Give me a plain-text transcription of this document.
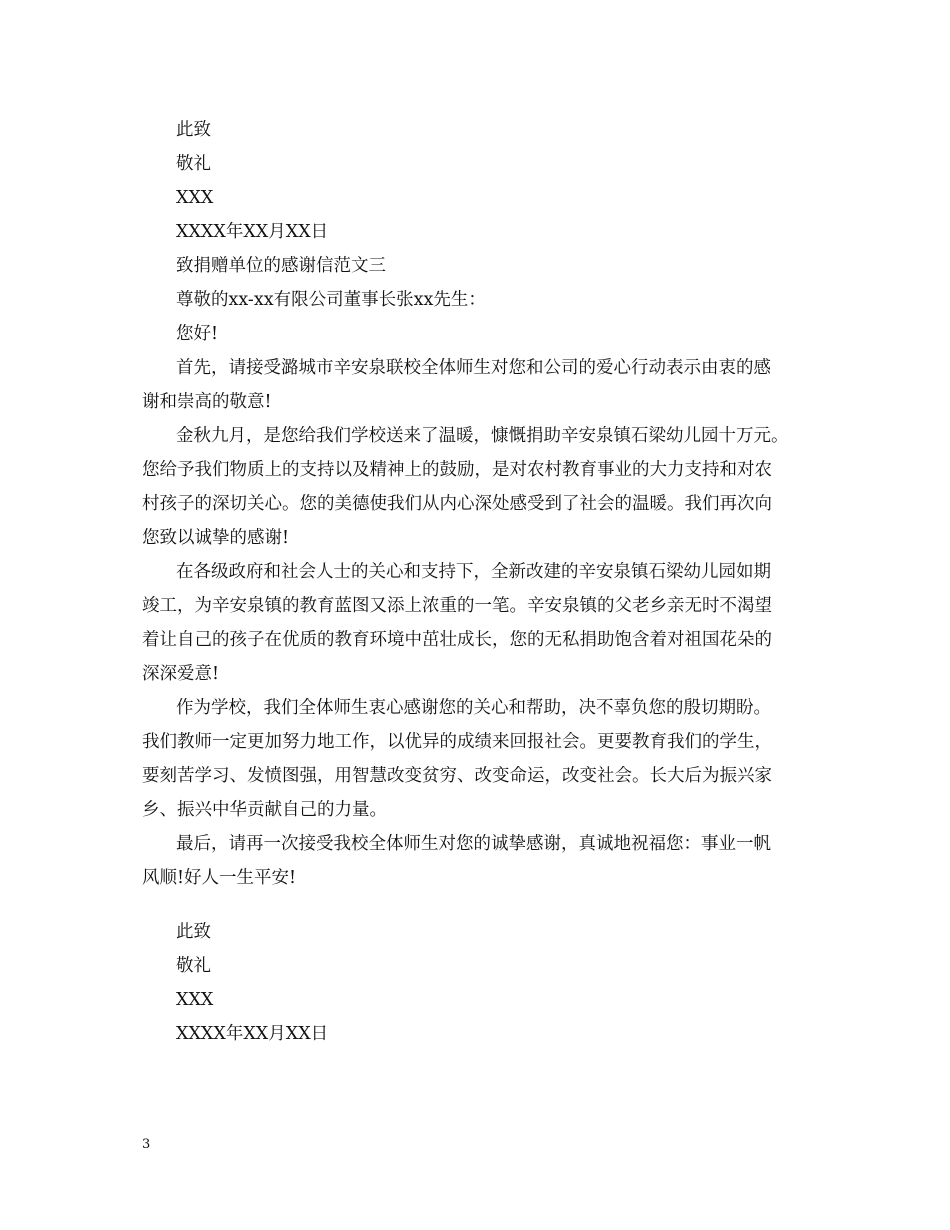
此致
敬礼
XXX
XXXX年XX月XX日
致捐赠单位的感谢信范文三
尊敬的xx-xx有限公司董事长张xx先生：
您好!
首先，请接受潞城市辛安泉联校全体师生对您和公司的爱心行动表示由衷的感
谢和崇高的敬意!
金秋九月，是您给我们学校送来了温暖，慷慨捐助辛安泉镇石梁幼儿园十万元。
您给予我们物质上的支持以及精神上的鼓励，是对农村教育事业的大力支持和对农
村孩子的深切关心。您的美德使我们从内心深处感受到了社会的温暖。我们再次向
您致以诚挚的感谢!
在各级政府和社会人士的关心和支持下，全新改建的辛安泉镇石梁幼儿园如期
竣工，为辛安泉镇的教育蓝图又添上浓重的一笔。辛安泉镇的父老乡亲无时不渴望
着让自己的孩子在优质的教育环境中茁壮成长，您的无私捐助饱含着对祖国花朵的
深深爱意!
作为学校，我们全体师生衷心感谢您的关心和帮助，决不辜负您的殷切期盼。
我们教师一定更加努力地工作，以优异的成绩来回报社会。更要教育我们的学生，
要刻苦学习、发愤图强，用智慧改变贫穷、改变命运，改变社会。长大后为振兴家
乡、振兴中华贡献自己的力量。
最后，请再一次接受我校全体师生对您的诚挚感谢，真诚地祝福您：事业一帆
风顺!好人一生平安!
此致
敬礼
XXX
XXXX年XX月XX日
3
